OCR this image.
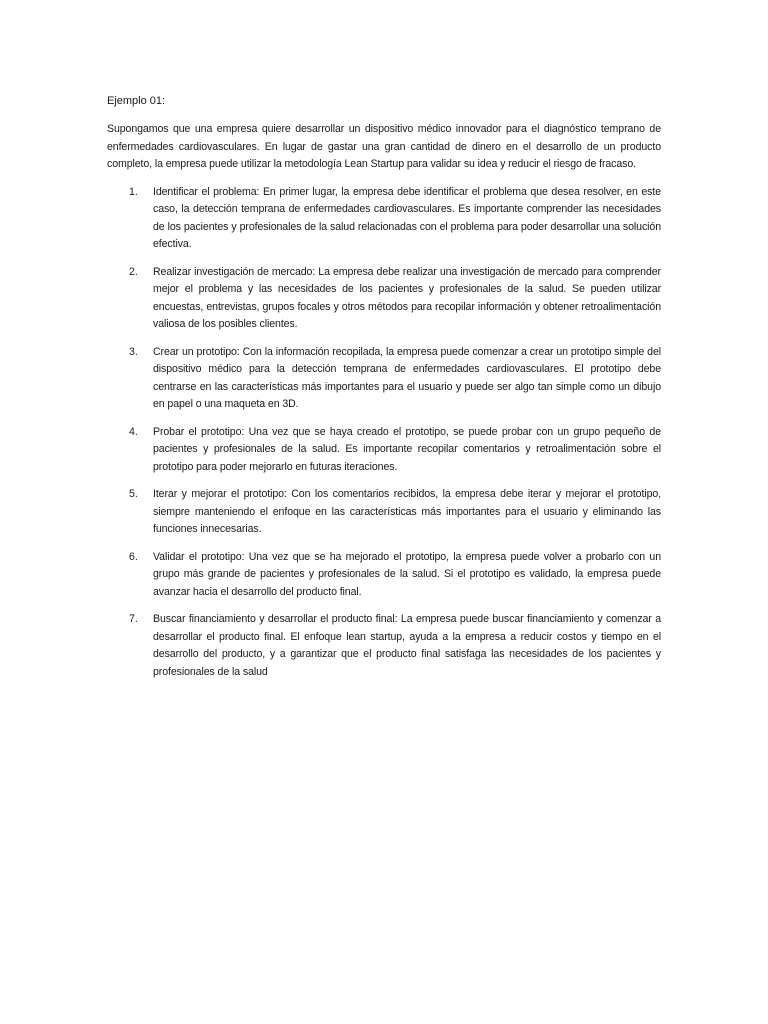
Ejemplo 01:

Supongamos que una empresa quiere desarrollar un dispositivo médico innovador para el diagnóstico temprano de enfermedades cardiovasculares. En lugar de gastar una gran cantidad de dinero en el desarrollo de un producto completo, la empresa puede utilizar la metodología Lean Startup para validar su idea y reducir el riesgo de fracaso.

1. Identificar el problema: En primer lugar, la empresa debe identificar el problema que desea resolver, en este caso, la detección temprana de enfermedades cardiovasculares. Es importante comprender las necesidades de los pacientes y profesionales de la salud relacionadas con el problema para poder desarrollar una solución efectiva.
2. Realizar investigación de mercado: La empresa debe realizar una investigación de mercado para comprender mejor el problema y las necesidades de los pacientes y profesionales de la salud. Se pueden utilizar encuestas, entrevistas, grupos focales y otros métodos para recopilar información y obtener retroalimentación valiosa de los posibles clientes.
3. Crear un prototipo: Con la información recopilada, la empresa puede comenzar a crear un prototipo simple del dispositivo médico para la detección temprana de enfermedades cardiovasculares. El prototipo debe centrarse en las características más importantes para el usuario y puede ser algo tan simple como un dibujo en papel o una maqueta en 3D.
4. Probar el prototipo: Una vez que se haya creado el prototipo, se puede probar con un grupo pequeño de pacientes y profesionales de la salud. Es importante recopilar comentarios y retroalimentación sobre el prototipo para poder mejorarlo en futuras iteraciones.
5. Iterar y mejorar el prototipo: Con los comentarios recibidos, la empresa debe iterar y mejorar el prototipo, siempre manteniendo el enfoque en las características más importantes para el usuario y eliminando las funciones innecesarias.
6. Validar el prototipo: Una vez que se ha mejorado el prototipo, la empresa puede volver a probarlo con un grupo más grande de pacientes y profesionales de la salud. Si el prototipo es validado, la empresa puede avanzar hacia el desarrollo del producto final.
7. Buscar financiamiento y desarrollar el producto final: La empresa puede buscar financiamiento y comenzar a desarrollar el producto final. El enfoque lean startup, ayuda a la empresa a reducir costos y tiempo en el desarrollo del producto, y a garantizar que el producto final satisfaga las necesidades de los pacientes y profesionales de la salud
